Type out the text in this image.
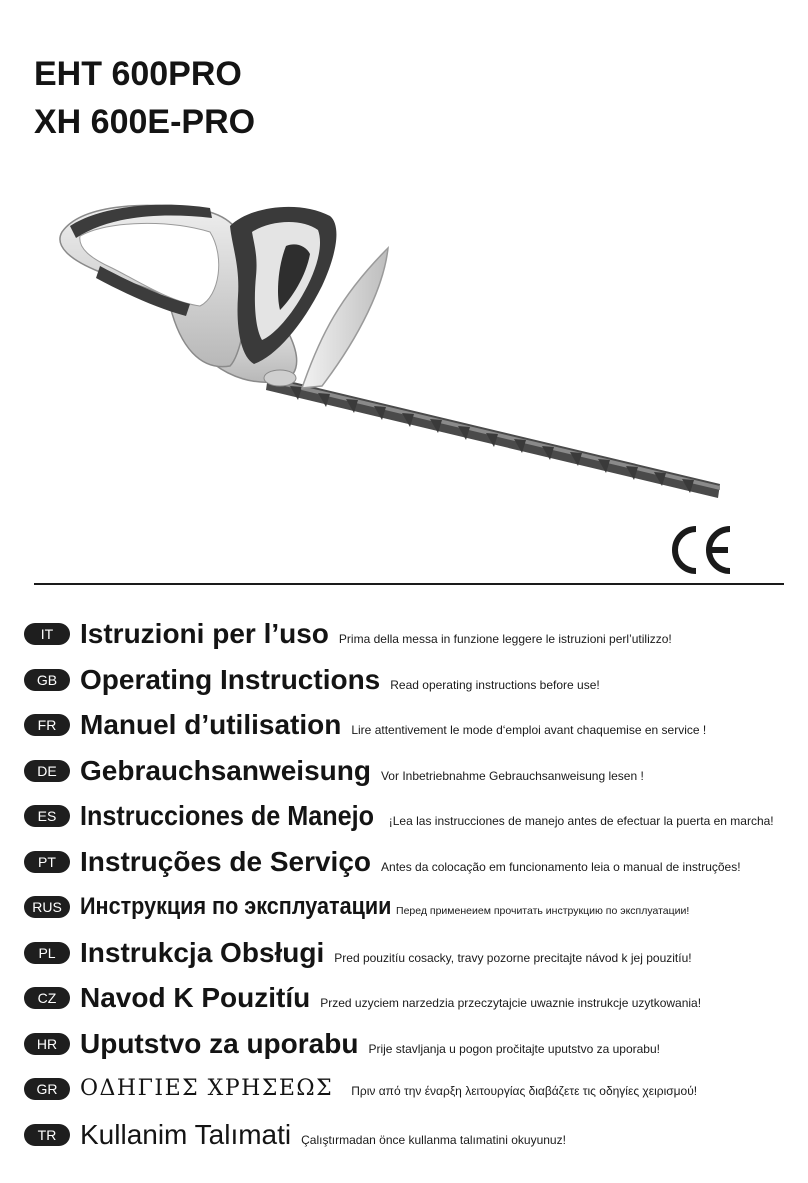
EHT 600PRO
XH 600E-PRO
CE
IT Istruzioni per l’uso Prima della messa in funzione leggere le istruzioni perl’utilizzo!
GB Operating Instructions Read operating instructions before use!
FR Manuel d’utilisation Lire attentivement le mode d‘emploi avant chaquemise en service !
DE Gebrauchsanweisung Vor Inbetriebnahme Gebrauchsanweisung lesen !
ES Instrucciones de Manejo ¡Lea las instrucciones de manejo antes de efectuar la puerta en marcha!
PT Instruções de Serviço Antes da colocação em funcionamento leia o manual de instruções!
RUS Инструкция по эксплуатации Перед применеием прочитать инструкцию по эксплуатации!
PL Instrukcja Obsługi Pred pouzitíu cosacky, travy pozorne precitajte návod k jej pouzitíu!
CZ Navod K Pouzitíu Przed uzyciem narzedzia przeczytajcie uwaznie instrukcje uzytkowania!
HR Uputstvo za uporabu Prije stavljanja u pogon pročitajte uputstvo za uporabu!
GR	ΟΔΗΓΙΕΣ ΧΡΗΣΕΩΣ Πριν από την έναρξη λειτουργίας διαβάζετε τις οδηγίες χειρισμού!
TR Kullanim Talımati Çalıştırmadan önce kullanma talımatini okuyunuz!
